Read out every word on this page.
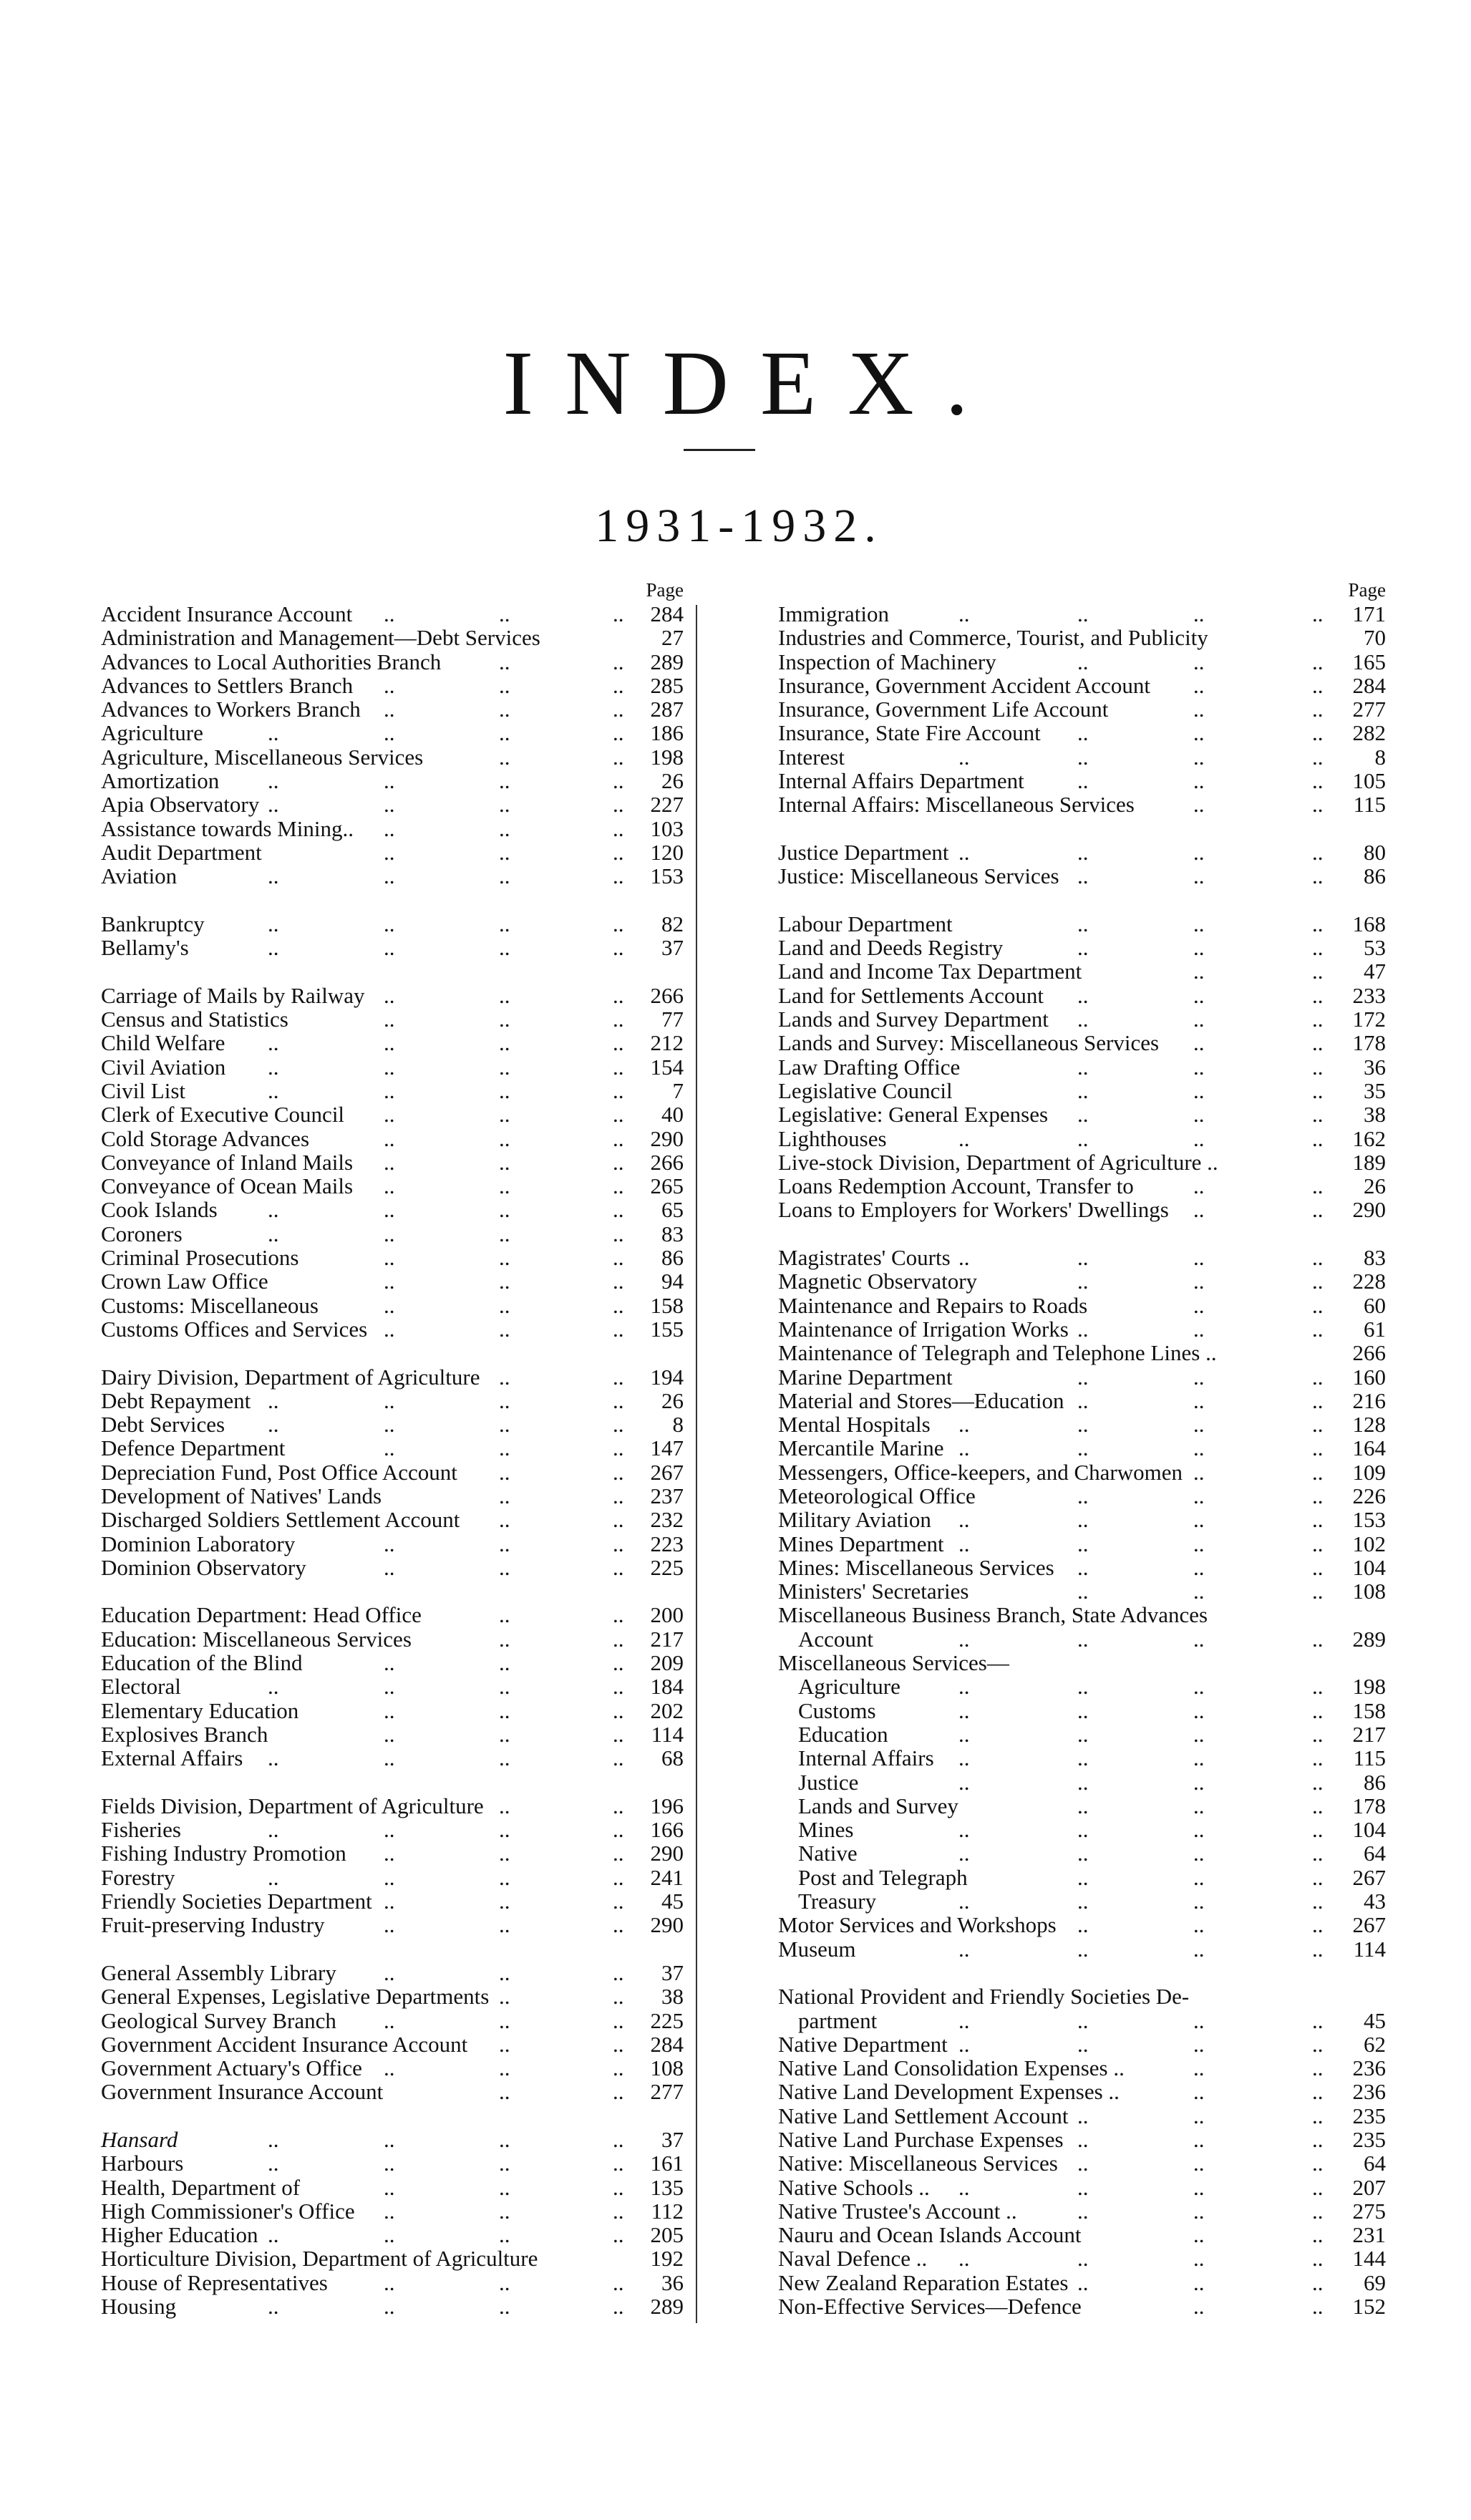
INDEX.
1931-1932.
Page
Accident Insurance Account ..	..	.. 284
Administration and Management—Debt Services	27
Advances to Local Authorities Branch	..	.. 289
Advances to Settlers Branch ..	..	.. 285
Advances to Workers Branch ..	..	.. 287
Agriculture	..	..	..	.. 186
Agriculture, Miscellaneous Services	..	.. 198
Amortization ..	..	..	.. 26
Apia Observatory ..	..	..	.. 227
Assistance towards Mining.. ..	..	.. 103
Audit Department	..	..	.. 120
Aviation	..	..	..	.. 153
Bankruptcy	..	..	..	.. 82
Bellamy's	..	..	..	.. 37
Carriage of Mails by Railway ..	..	.. 266
Census and Statistics	..	..	.. 77
Child Welfare ..	..	..	.. 212
Civil Aviation ..	..	..	.. 154
Civil List	..	..	..	.. 7
Clerk of Executive Council ..	..	.. 40
Cold Storage Advances	..	..	.. 290
Conveyance of Inland Mails ..	..	.. 266
Conveyance of Ocean Mails ..	..	.. 265
Cook Islands ..	..	..	.. 65
Coroners	..	..	..	.. 83
Criminal Prosecutions	..	..	.. 86
Crown Law Office	..	..	.. 94
Customs: Miscellaneous	..	..	.. 158
Customs Offices and Services ..	..	.. 155
Dairy Division, Department of Agriculture ..	.. 194
Debt Repayment ..	..	..	.. 26
Debt Services ..	..	..	.. 8
Defence Department	..	..	.. 147
Depreciation Fund, Post Office Account ..	.. 267
Development of Natives' Lands	..	.. 237
Discharged Soldiers Settlement Account ..	.. 232
Dominion Laboratory	..	..	.. 223
Dominion Observatory	..	..	.. 225
Education Department: Head Office	..	.. 200
Education: Miscellaneous Services	..	.. 217
Education of the Blind	..	..	.. 209
Electoral	..	..	..	.. 184
Elementary Education	..	..	.. 202
Explosives Branch	..	..	.. 114
External Affairs ..	..	..	.. 68
Fields Division, Department of Agriculture ..	.. 196
Fisheries	..	..	..	.. 166
Fishing Industry Promotion ..	..	.. 290
Forestry	..	..	..	.. 241
Friendly Societies Department ..	..	.. 45
Fruit-preserving Industry	..	..	.. 290
General Assembly Library ..	..	.. 37
General Expenses, Legislative Departments ..	.. 38
Geological Survey Branch ..	..	.. 225
Government Accident Insurance Account ..	.. 284
Government Actuary's Office ..	..	.. 108
Government Insurance Account	..	.. 277
Hansard	..	..	..	.. 37
Harbours	..	..	..	.. 161
Health, Department of	..	..	.. 135
High Commissioner's Office ..	..	.. 112
Higher Education ..	..	..	.. 205
Horticulture Division, Department of Agriculture	192
House of Representatives	..	..	.. 36
Housing	..	..	..	.. 289
Page
Immigration	..	..	..	.. 171
Industries and Commerce, Tourist, and Publicity	70
Inspection of Machinery	..	..	.. 165
Insurance, Government Accident Account ..	.. 284
Insurance, Government Life Account	..	.. 277
Insurance, State Fire Account ..	..	.. 282
Interest	..	..	..	.. 8
Internal Affairs Department ..	..	.. 105
Internal Affairs: Miscellaneous Services	..	.. 115
Justice Department ..	..	..	.. 80
Justice: Miscellaneous Services ..	..	.. 86
Labour Department	..	..	.. 168
Land and Deeds Registry	..	..	.. 53
Land and Income Tax Department	..	.. 47
Land for Settlements Account ..	..	.. 233
Lands and Survey Department ..	..	.. 172
Lands and Survey: Miscellaneous Services ..	.. 178
Law Drafting Office	..	..	.. 36
Legislative Council	..	..	.. 35
Legislative: General Expenses ..	..	.. 38
Lighthouses	..	..	..	.. 162
Live-stock Division, Department of Agriculture ..	189
Loans Redemption Account, Transfer to	..	.. 26
Loans to Employers for Workers' Dwellings ..	.. 290
Magistrates' Courts ..	..	..	.. 83
Magnetic Observatory	..	..	.. 228
Maintenance and Repairs to Roads	..	.. 60
Maintenance of Irrigation Works ..	..	.. 61
Maintenance of Telegraph and Telephone Lines ..	266
Marine Department	..	..	.. 160
Material and Stores—Education ..	..	.. 216
Mental Hospitals ..	..	..	.. 128
Mercantile Marine ..	..	..	.. 164
Messengers, Office-keepers, and Charwomen ..	.. 109
Meteorological Office	..	..	.. 226
Military Aviation ..	..	..	.. 153
Mines Department ..	..	..	.. 102
Mines: Miscellaneous Services ..	..	.. 104
Ministers' Secretaries	..	..	.. 108
Miscellaneous Business Branch, State Advances
Account	..	..	..	.. 289
Miscellaneous Services—
Agriculture	..	..	..	.. 198
Customs	..	..	..	.. 158
Education	..	..	..	.. 217
Internal Affairs ..	..	..	.. 115
Justice	..	..	..	.. 86
Lands and Survey	..	..	.. 178
Mines	..	..	..	.. 104
Native	..	..	..	.. 64
Post and Telegraph	..	..	.. 267
Treasury	..	..	..	.. 43
Motor Services and Workshops ..	..	.. 267
Museum	..	..	..	.. 114
National Provident and Friendly Societies De-
partment	..	..	..	.. 45
Native Department ..	..	..	.. 62
Native Land Consolidation Expenses ..	..	.. 236
Native Land Development Expenses ..	..	.. 236
Native Land Settlement Account ..	..	.. 235
Native Land Purchase Expenses ..	..	.. 235
Native: Miscellaneous Services ..	..	.. 64
Native Schools .. ..	..	..	.. 207
Native Trustee's Account ..	..	..	.. 275
Nauru and Ocean Islands Account	..	.. 231
Naval Defence .. ..	..	..	.. 144
New Zealand Reparation Estates ..	..	.. 69
Non-Effective Services—Defence	..	.. 152
